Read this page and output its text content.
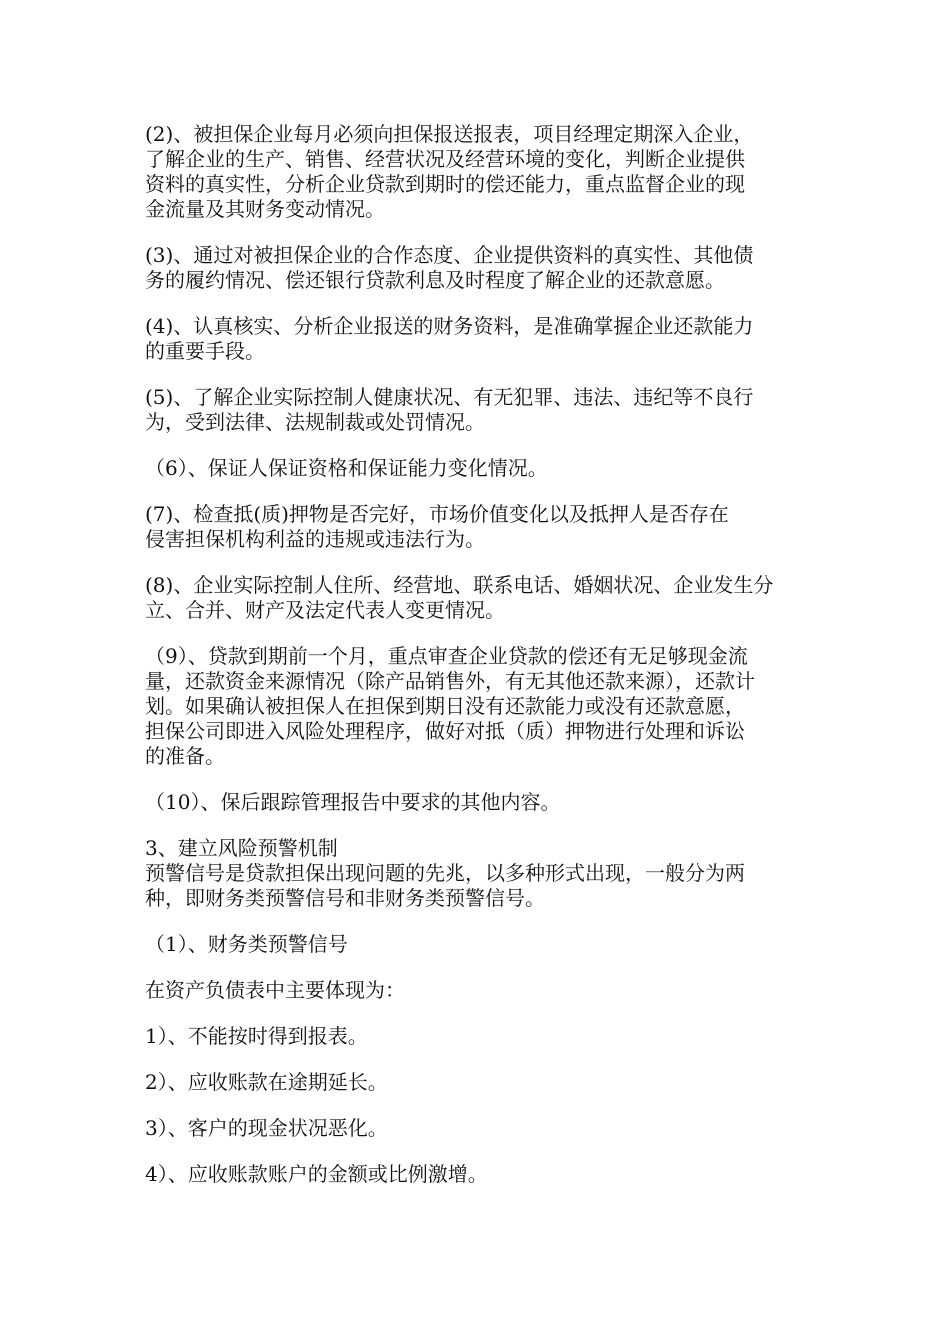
(2)、被担保企业每月必须向担保报送报表，项目经理定期深入企业，
了解企业的生产、销售、经营状况及经营环境的变化，判断企业提供
资料的真实性，分析企业贷款到期时的偿还能力，重点监督企业的现
金流量及其财务变动情况。
(3)、通过对被担保企业的合作态度、企业提供资料的真实性、其他债
务的履约情况、偿还银行贷款利息及时程度了解企业的还款意愿。
(4)、认真核实、分析企业报送的财务资料，是准确掌握企业还款能力
的重要手段。
(5)、了解企业实际控制人健康状况、有无犯罪、违法、违纪等不良行
为，受到法律、法规制裁或处罚情况。
（6）、保证人保证资格和保证能力变化情况。
(7)、检查抵(质)押物是否完好，市场价值变化以及抵押人是否存在
侵害担保机构利益的违规或违法行为。
(8)、企业实际控制人住所、经营地、联系电话、婚姻状况、企业发生分
立、合并、财产及法定代表人变更情况。
（9）、贷款到期前一个月，重点审查企业贷款的偿还有无足够现金流
量，还款资金来源情况（除产品销售外，有无其他还款来源），还款计
划。如果确认被担保人在担保到期日没有还款能力或没有还款意愿，
担保公司即进入风险处理程序，做好对抵（质）押物进行处理和诉讼
的准备。
（10）、保后跟踪管理报告中要求的其他内容。
3、建立风险预警机制
预警信号是贷款担保出现问题的先兆，以多种形式出现，一般分为两
种，即财务类预警信号和非财务类预警信号。
（1）、财务类预警信号
在资产负债表中主要体现为：
1）、不能按时得到报表。
2）、应收账款在途期延长。
3）、客户的现金状况恶化。
4）、应收账款账户的金额或比例激增。
